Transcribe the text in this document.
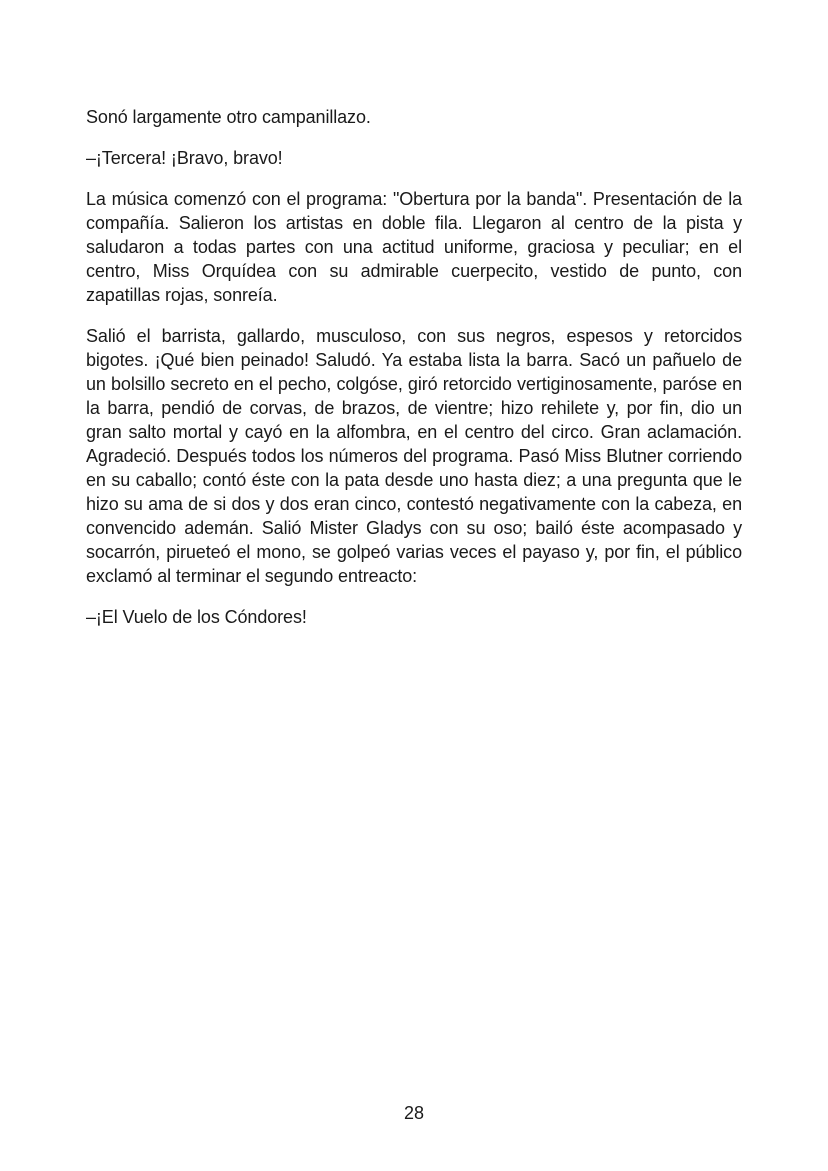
Sonó largamente otro campanillazo.

–¡Tercera! ¡Bravo, bravo!

La música comenzó con el programa: "Obertura por la banda". Presentación de la compañía. Salieron los artistas en doble fila. Llegaron al centro de la pista y saludaron a todas partes con una actitud uniforme, graciosa y peculiar; en el centro, Miss Orquídea con su admirable cuerpecito, vestido de punto, con zapatillas rojas, sonreía.

Salió el barrista, gallardo, musculoso, con sus negros, espesos y retorcidos bigotes. ¡Qué bien peinado! Saludó. Ya estaba lista la barra. Sacó un pañuelo de un bolsillo secreto en el pecho, colgóse, giró retorcido vertiginosamente, paróse en la barra, pendió de corvas, de brazos, de vientre; hizo rehilete y, por fin, dio un gran salto mortal y cayó en la alfombra, en el centro del circo. Gran aclamación. Agradeció. Después todos los números del programa. Pasó Miss Blutner corriendo en su caballo; contó éste con la pata desde uno hasta diez; a una pregunta que le hizo su ama de si dos y dos eran cinco, contestó negativamente con la cabeza, en convencido ademán. Salió Mister Gladys con su oso; bailó éste acompasado y socarrón, pirueteó el mono, se golpeó varias veces el payaso y, por fin, el público exclamó al terminar el segundo entreacto:

–¡El Vuelo de los Cóndores!

28
